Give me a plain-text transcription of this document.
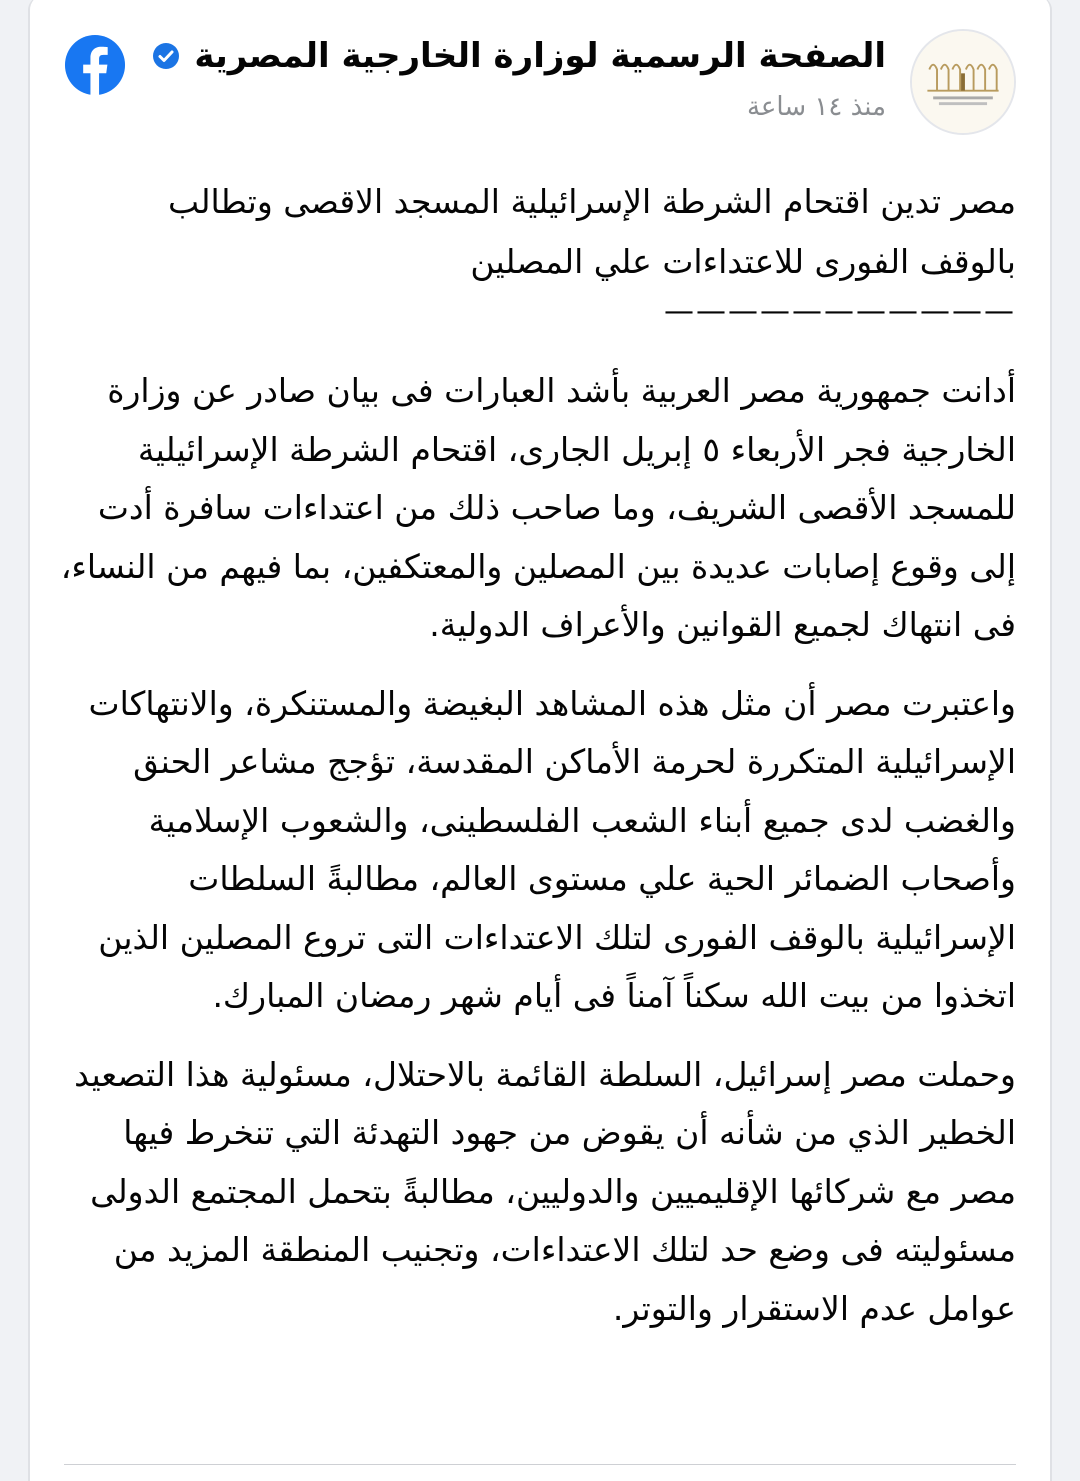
الصفحة الرسمية لوزارة الخارجية المصرية
منذ ١٤ ساعة

مصر تدين اقتحام الشرطة الإسرائيلية المسجد الاقصى وتطالب
بالوقف الفورى للاعتداءات علي المصلين

———————————

أدانت جمهورية مصر العربية بأشد العبارات فى بيان صادر عن وزارة الخارجية فجر الأربعاء ٥ إبريل الجارى، اقتحام الشرطة الإسرائيلية للمسجد الأقصى الشريف، وما صاحب ذلك من اعتداءات سافرة أدت إلى وقوع إصابات عديدة بين المصلين والمعتكفين، بما فيهم من النساء، فى انتهاك لجميع القوانين والأعراف الدولية.

واعتبرت مصر أن مثل هذه المشاهد البغيضة والمستنكرة، والانتهاكات الإسرائيلية المتكررة لحرمة الأماكن المقدسة، تؤجج مشاعر الحنق والغضب لدى جميع أبناء الشعب الفلسطينى، والشعوب الإسلامية وأصحاب الضمائر الحية علي مستوى العالم، مطالبةً السلطات الإسرائيلية بالوقف الفورى لتلك الاعتداءات التى تروع المصلين الذين اتخذوا من بيت الله سكناً آمناً فى أيام شهر رمضان المبارك.

وحملت مصر إسرائيل، السلطة القائمة بالاحتلال، مسئولية هذا التصعيد الخطير الذي من شأنه أن يقوض من جهود التهدئة التي تنخرط فيها مصر مع شركائها الإقليميين والدوليين، مطالبةً بتحمل المجتمع الدولى مسئوليته فى وضع حد لتلك الاعتداءات، وتجنيب المنطقة المزيد من عوامل عدم الاستقرار والتوتر.
